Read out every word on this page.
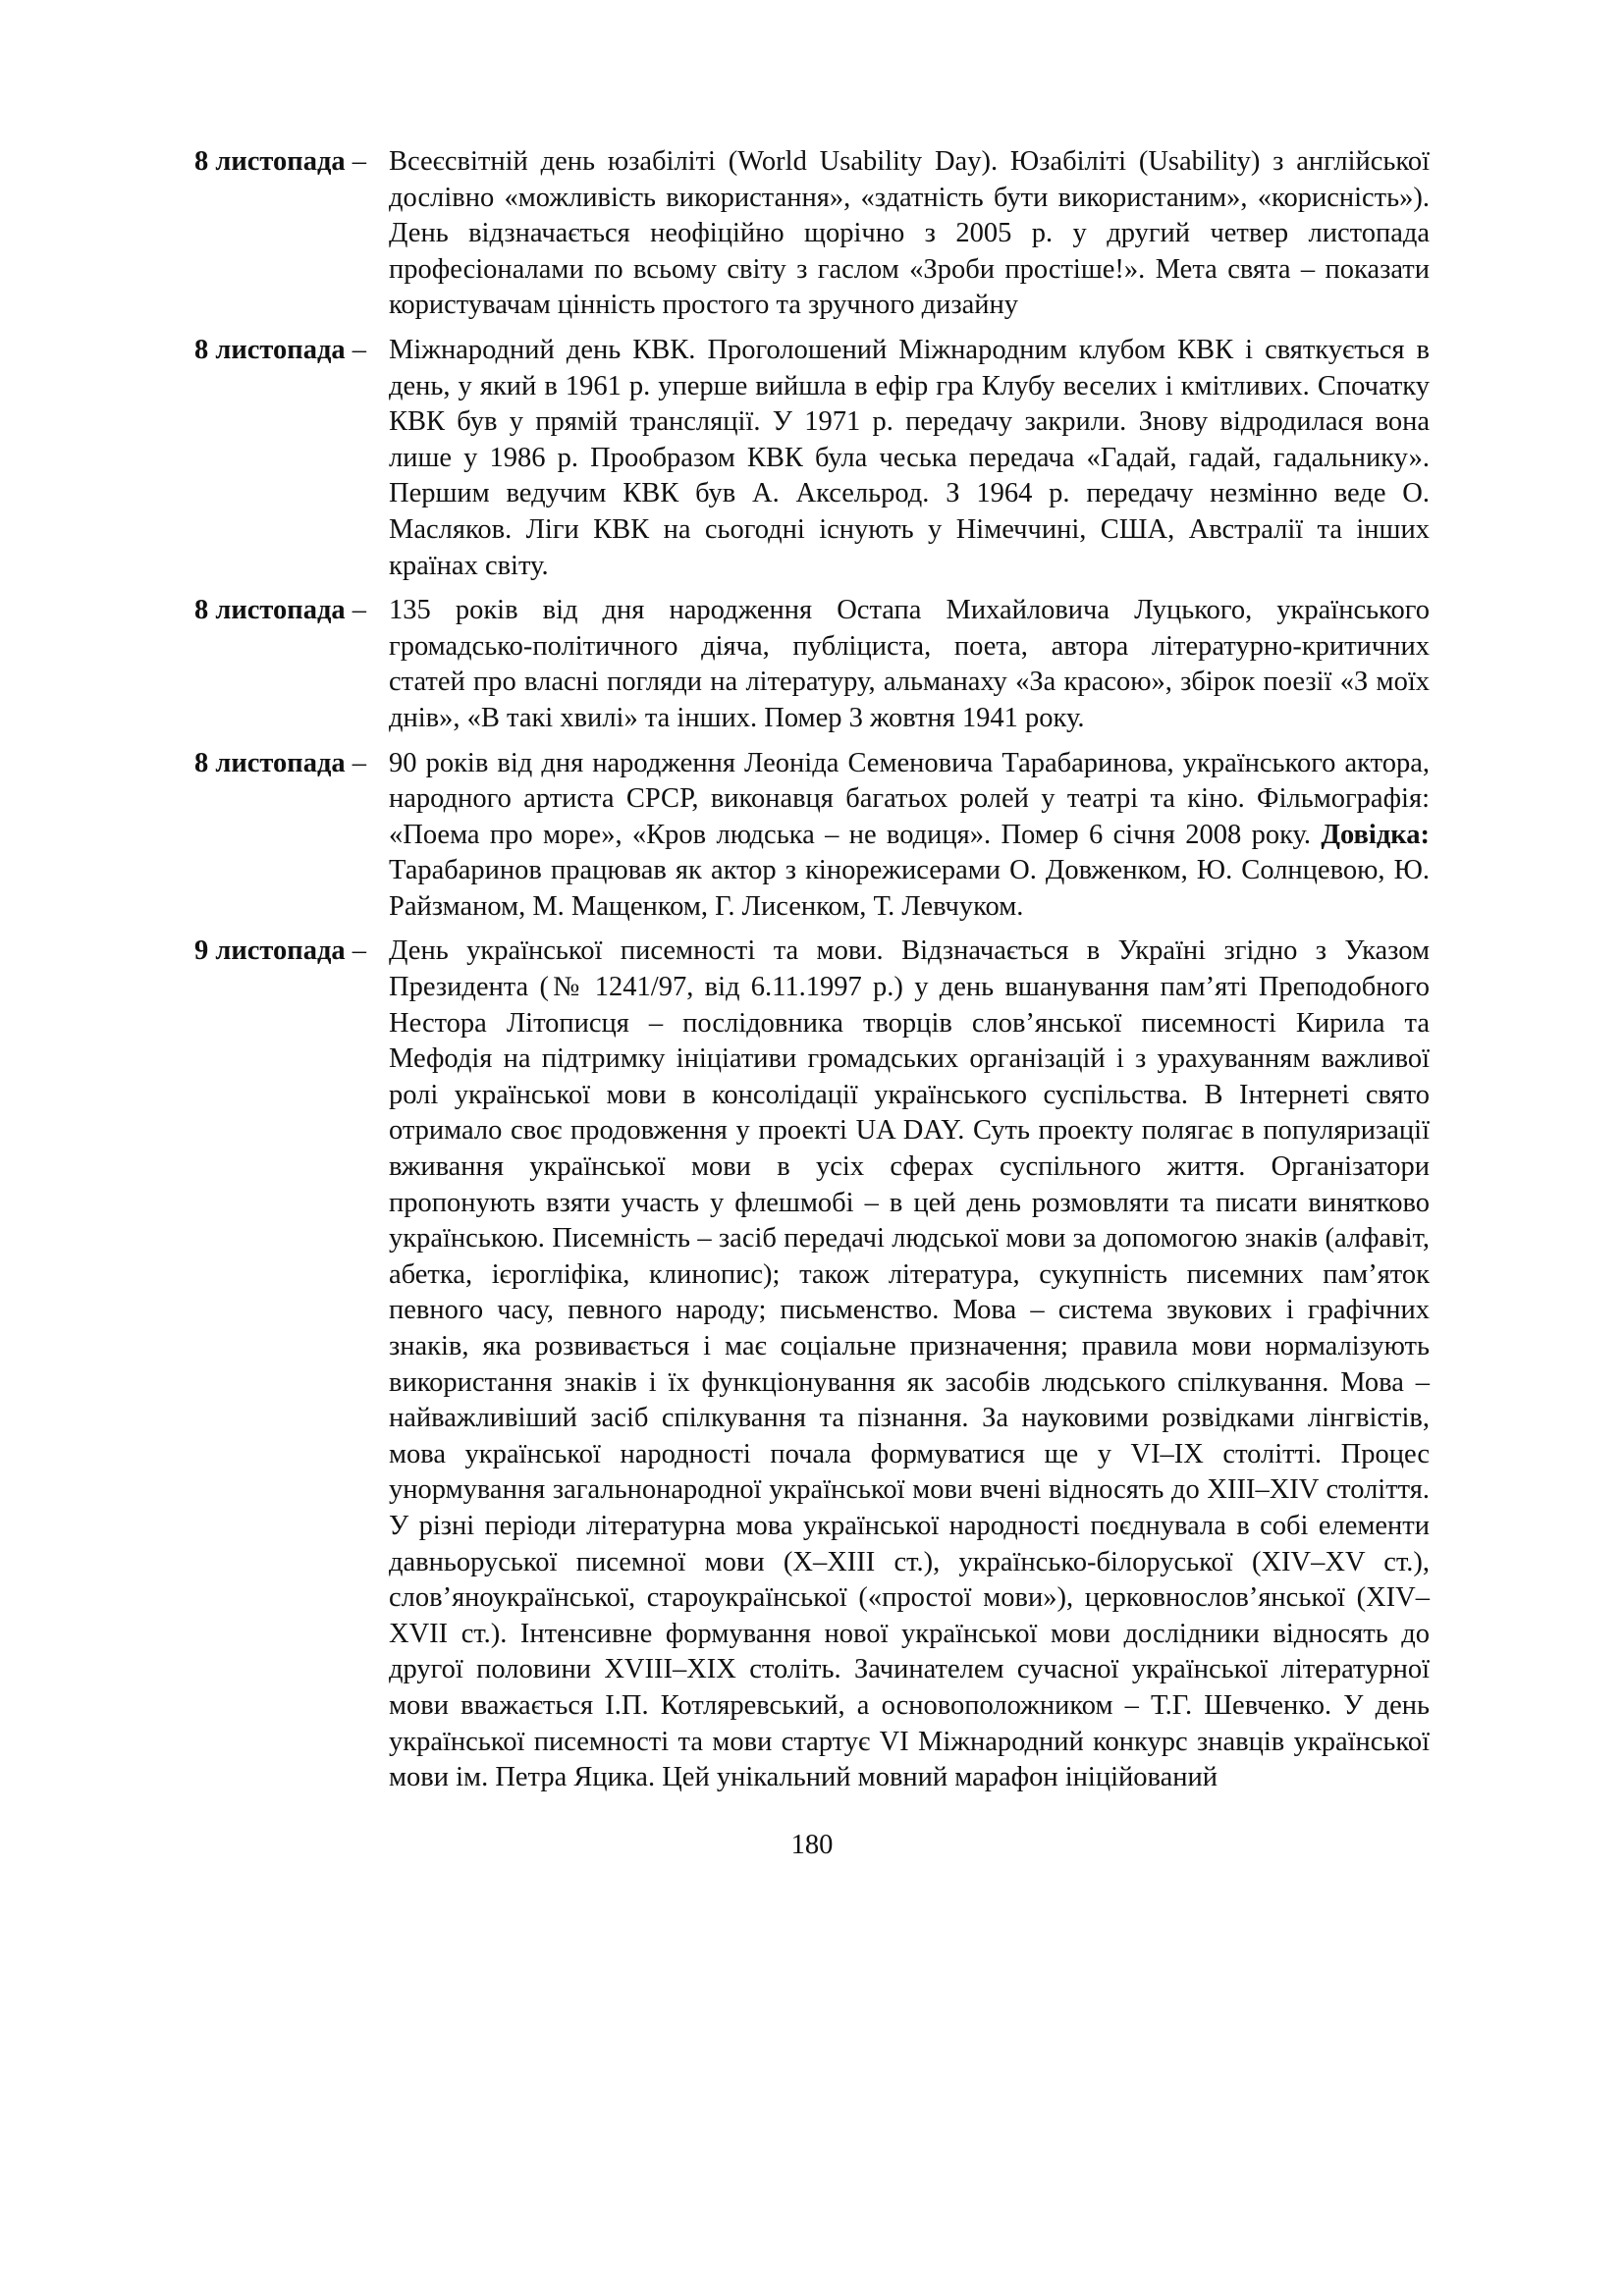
8 листопада – Всеєсвітній день юзабіліті (World Usability Day). Юзабіліті (Usability) з англійської дослівно «можливість використання», «здатність бути використаним», «корисність»). День відзначається неофіційно щорічно з 2005 р. у другий четвер листопада професіоналами по всьому світу з гаслом «Зроби простіше!». Мета свята – показати користувачам цінність простого та зручного дизайну
8 листопада – Міжнародний день КВК. Проголошений Міжнародним клубом КВК і святкується в день, у який в 1961 р. уперше вийшла в ефір гра Клубу веселих і кмітливих. Спочатку КВК був у прямій трансляції. У 1971 р. передачу закрили. Знову відродилася вона лише у 1986 р. Прообразом КВК була чеська передача «Гадай, гадай, гадальнику». Першим ведучим КВК був А. Аксельрод. З 1964 р. передачу незмінно веде О. Масляков. Ліги КВК на сьогодні існують у Німеччині, США, Австралії та інших країнах світу.
8 листопада – 135 років від дня народження Остапа Михайловича Луцького, українського громадсько-політичного діяча, публіциста, поета, автора літературно-критичних статей про власні погляди на літературу, альманаху «За красою», збірок поезії «З моїх днів», «В такі хвилі» та інших. Помер 3 жовтня 1941 року.
8 листопада – 90 років від дня народження Леоніда Семеновича Тарабаринова, українського актора, народного артиста СРСР, виконавця багатьох ролей у театрі та кіно. Фільмографія: «Поема про море», «Кров людська – не водиця». Помер 6 січня 2008 року. Довідка: Тарабаринов працював як актор з кінорежисерами О. Довженком, Ю. Солнцевою, Ю. Райзманом, М. Мащенком, Г. Лисенком, Т. Левчуком.
9 листопада – День української писемності та мови. Відзначається в Україні згідно з Указом Президента (№ 1241/97, від 6.11.1997 р.) у день вшанування пам’яті Преподобного Нестора Літописця – послідовника творців слов’янської писемності Кирила та Мефодія на підтримку ініціативи громадських організацій і з урахуванням важливої ролі української мови в консолідації українського суспільства. В Інтернеті свято отримало своє продовження у проекті UA DAY. Суть проекту полягає в популяризації вживання української мови в усіх сферах суспільного життя. Організатори пропонують взяти участь у флешмобі – в цей день розмовляти та писати винятково українською. Писемність – засіб передачі людської мови за допомогою знаків (алфавіт, абетка, ієрогліфіка, клинопис); також література, сукупність писемних пам’яток певного часу, певного народу; письменство. Мова – система звукових і графічних знаків, яка розвивається і має соціальне призначення; правила мови нормалізують використання знаків і їх функціонування як засобів людського спілкування. Мова – найважливіший засіб спілкування та пізнання. За науковими розвідками лінгвістів, мова української народності почала формуватися ще у VI–IX столітті. Процес унормування загальнонародної української мови вчені відносять до XIII–XIV століття. У різні періоди літературна мова української народності поєднувала в собі елементи давньоруської писемної мови (X–XIII ст.), українсько-білоруської (XIV–XV ст.), слов’яноукраїнської, староукраїнської («простої мови»), церковнослов’янської (XIV–XVII ст.). Інтенсивне формування нової української мови дослідники відносять до другої половини XVIII–XIX століть. Зачинателем сучасної української літературної мови вважається І.П. Котляревський, а основоположником – Т.Г. Шевченко. У день української писемності та мови стартує VI Міжнародний конкурс знавців української мови ім. Петра Яцика. Цей унікальний мовний марафон ініційований
180
